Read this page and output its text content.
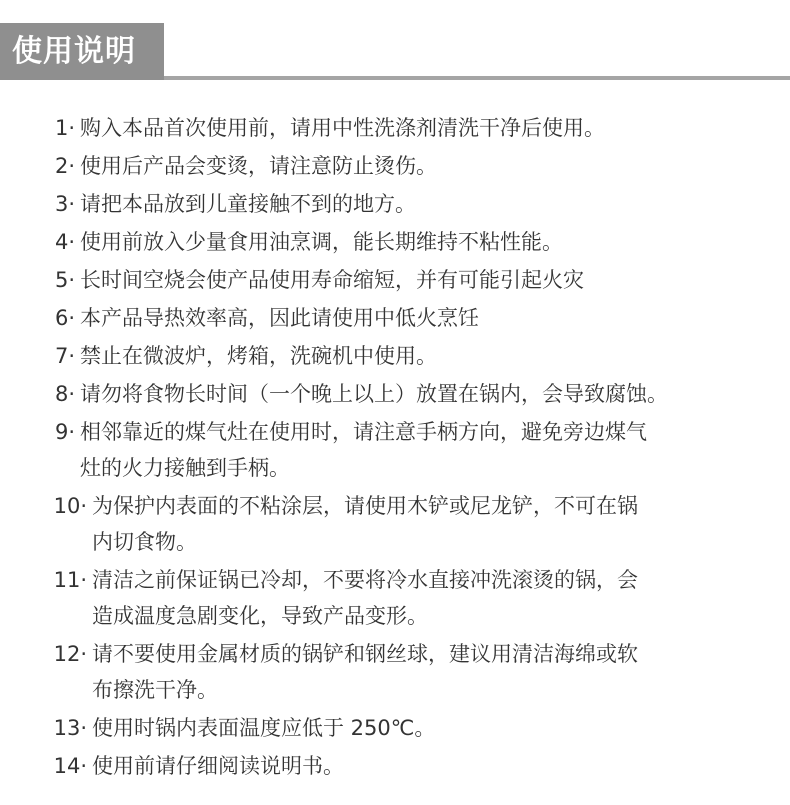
使用说明
1· 购入本品首次使用前，请用中性洗涤剂清洗干净后使用。
2· 使用后产品会变烫，请注意防止烫伤。
3· 请把本品放到儿童接触不到的地方。
4· 使用前放入少量食用油烹调，能长期维持不粘性能。
5· 长时间空烧会使产品使用寿命缩短，并有可能引起火灾
6· 本产品导热效率高，因此请使用中低火烹饪
7· 禁止在微波炉，烤箱，洗碗机中使用。
8· 请勿将食物长时间（一个晚上以上）放置在锅内，会导致腐蚀。
9· 相邻靠近的煤气灶在使用时，请注意手柄方向，避免旁边煤气
灶的火力接触到手柄。
10· 为保护内表面的不粘涂层，请使用木铲或尼龙铲，不可在锅
内切食物。
11· 清洁之前保证锅已冷却，不要将冷水直接冲洗滚烫的锅，会
造成温度急剧变化，导致产品变形。
12· 请不要使用金属材质的锅铲和钢丝球，建议用清洁海绵或软
布擦洗干净。
13· 使用时锅内表面温度应低于 250℃。
14· 使用前请仔细阅读说明书。
